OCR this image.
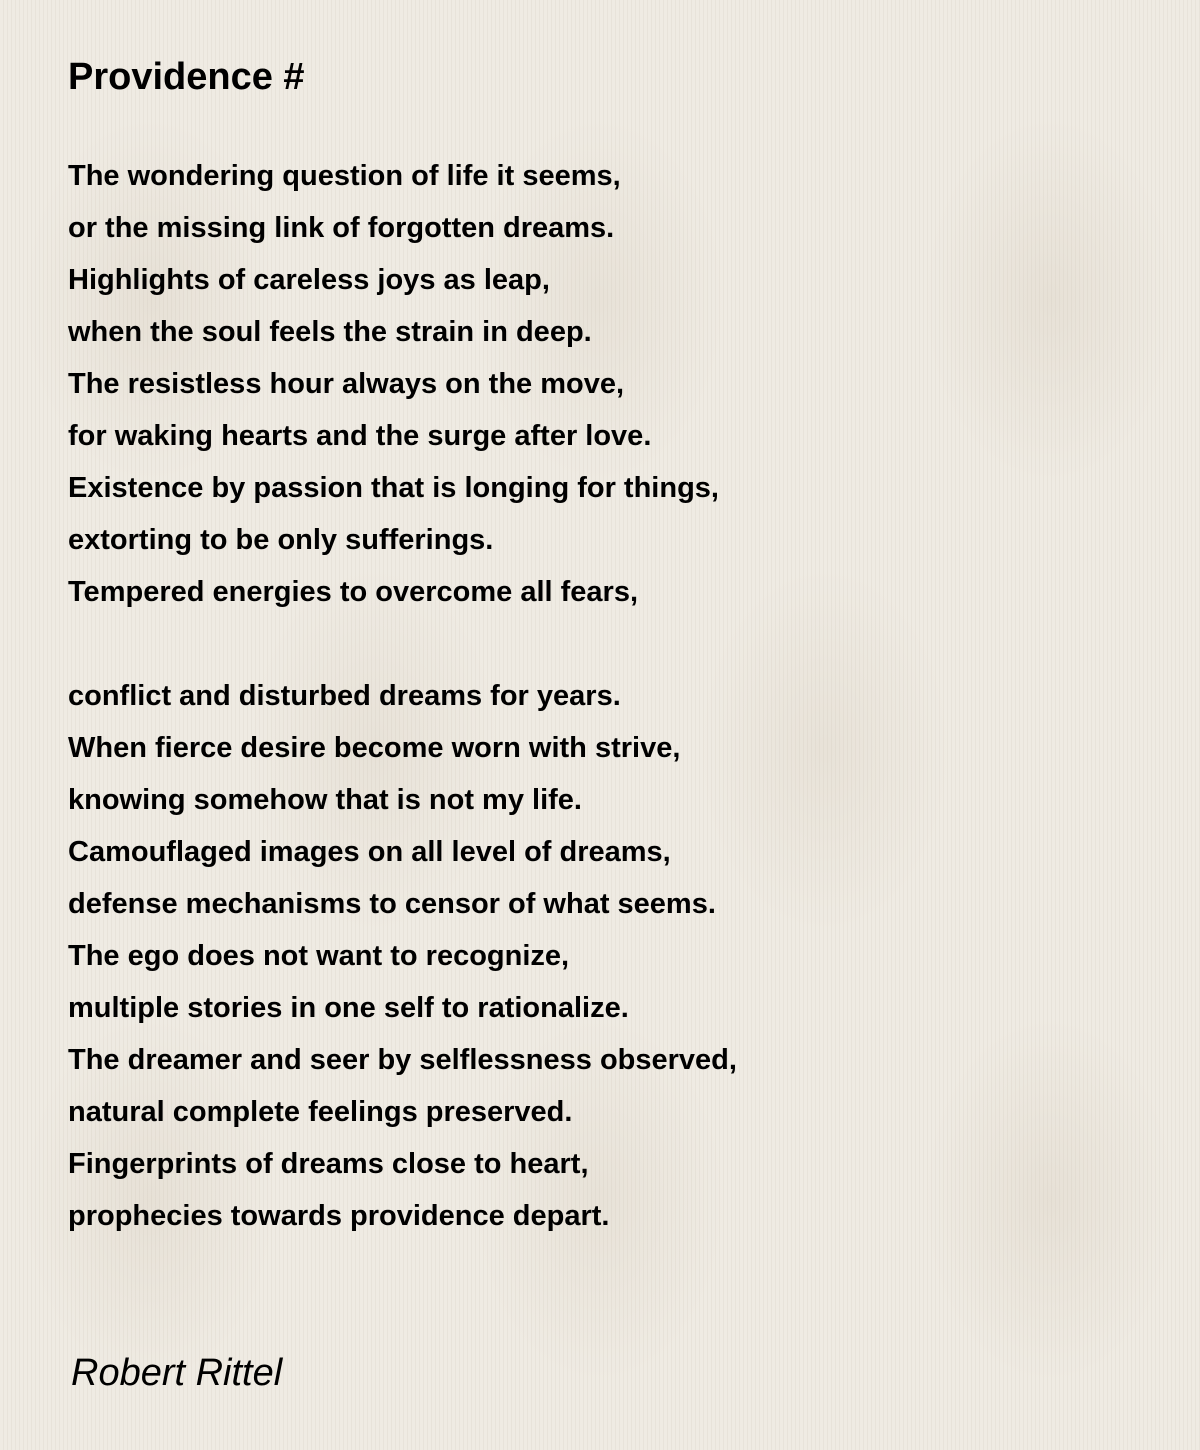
Providence #

The wondering question of life it seems,
or the missing link of forgotten dreams.
Highlights of careless joys as leap,
when the soul feels the strain in deep.
The resistless hour always on the move,
for waking hearts and the surge after love.
Existence by passion that is longing for things,
extorting to be only sufferings.
Tempered energies to overcome all fears,

conflict and disturbed dreams for years.
When fierce desire become worn with strive,
knowing somehow that is not my life.
Camouflaged images on all level of dreams,
defense mechanisms to censor of what seems.
The ego does not want to recognize,
multiple stories in one self to rationalize.
The dreamer and seer by selflessness observed,
natural complete feelings preserved.
Fingerprints of dreams close to heart,
prophecies towards providence depart.

Robert Rittel
